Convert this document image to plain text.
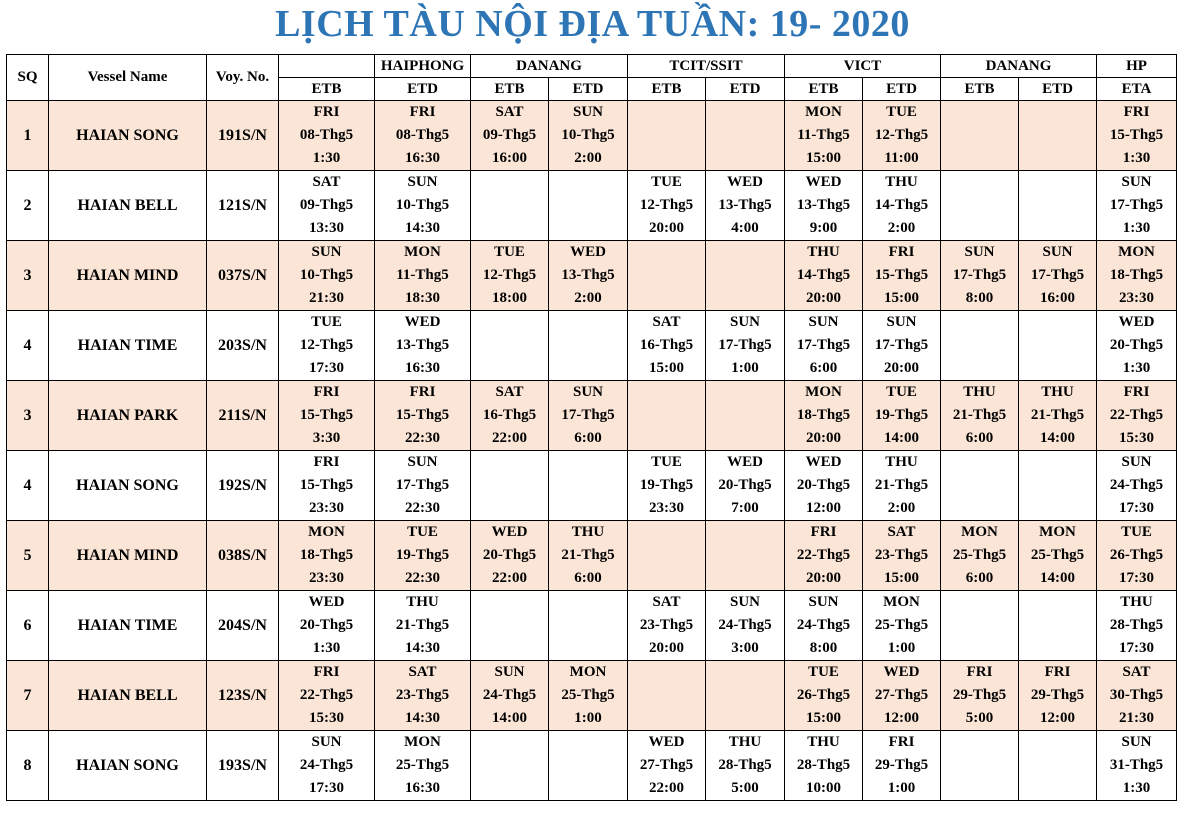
LỊCH TÀU NỘI ĐỊA TUẦN: 19- 2020
SQ	Vessel Name	Voy. No.		HAIPHONG	DANANG		TCIT/SSIT		VICT		DANANG		HP
			ETB	ETD	ETB	ETD	ETB	ETD	ETB	ETD	ETB	ETD	ETA
1	HAIAN SONG	191S/N	FRI
08-Thg5
1:30	FRI
08-Thg5
16:30	SAT
09-Thg5
16:00	SUN
10-Thg5
2:00			MON
11-Thg5
15:00	TUE
12-Thg5
11:00			FRI
15-Thg5
1:30

2	HAIAN BELL	121S/N	SAT
09-Thg5
13:30	SUN
10-Thg5
14:30			TUE
12-Thg5
20:00	WED
13-Thg5
4:00	WED
13-Thg5
9:00	THU
14-Thg5
2:00			SUN
17-Thg5
1:30

3	HAIAN MIND	037S/N	SUN
10-Thg5
21:30	MON
11-Thg5
18:30	TUE
12-Thg5
18:00	WED
13-Thg5
2:00			THU
14-Thg5
20:00	FRI
15-Thg5
15:00	SUN
17-Thg5
8:00	SUN
17-Thg5
16:00	MON
18-Thg5
23:30

4	HAIAN TIME	203S/N	TUE
12-Thg5
17:30	WED
13-Thg5
16:30			SAT
16-Thg5
15:00	SUN
17-Thg5
1:00	SUN
17-Thg5
6:00	SUN
17-Thg5
20:00			WED
20-Thg5
1:30

3	HAIAN PARK	211S/N	FRI
15-Thg5
3:30	FRI
15-Thg5
22:30	SAT
16-Thg5
22:00	SUN
17-Thg5
6:00			MON
18-Thg5
20:00	TUE
19-Thg5
14:00	THU
21-Thg5
6:00	THU
21-Thg5
14:00	FRI
22-Thg5
15:30

4	HAIAN SONG	192S/N	FRI
15-Thg5
23:30	SUN
17-Thg5
22:30			TUE
19-Thg5
23:30	WED
20-Thg5
7:00	WED
20-Thg5
12:00	THU
21-Thg5
2:00			SUN
24-Thg5
17:30

5	HAIAN MIND	038S/N	MON
18-Thg5
23:30	TUE
19-Thg5
22:30	WED
20-Thg5
22:00	THU
21-Thg5
6:00			FRI
22-Thg5
20:00	SAT
23-Thg5
15:00	MON
25-Thg5
6:00	MON
25-Thg5
14:00	TUE
26-Thg5
17:30

6	HAIAN TIME	204S/N	WED
20-Thg5
1:30	THU
21-Thg5
14:30			SAT
23-Thg5
20:00	SUN
24-Thg5
3:00	SUN
24-Thg5
8:00	MON
25-Thg5
1:00			THU
28-Thg5
17:30

7	HAIAN BELL	123S/N	FRI
22-Thg5
15:30	SAT
23-Thg5
14:30	SUN
24-Thg5
14:00	MON
25-Thg5
1:00			TUE
26-Thg5
15:00	WED
27-Thg5
12:00	FRI
29-Thg5
5:00	FRI
29-Thg5
12:00	SAT
30-Thg5
21:30

8	HAIAN SONG	193S/N	SUN
24-Thg5
17:30	MON
25-Thg5
16:30			WED
27-Thg5
22:00	THU
28-Thg5
5:00	THU
28-Thg5
10:00	FRI
29-Thg5
1:00			SUN
31-Thg5
1:30
